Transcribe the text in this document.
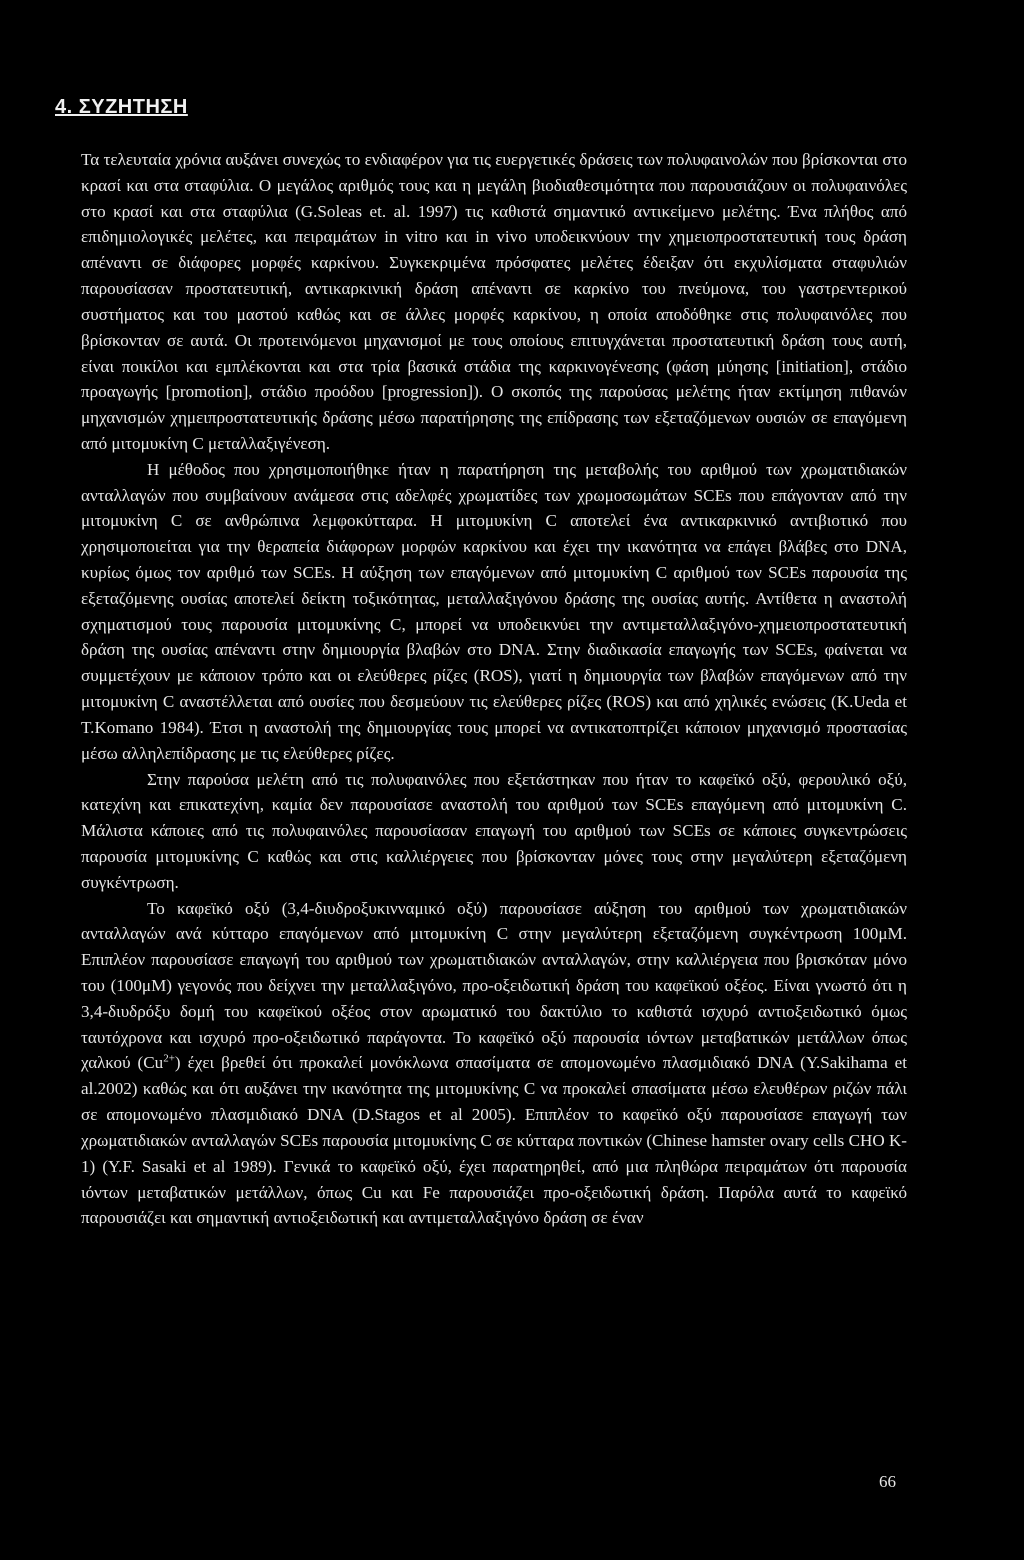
4. ΣΥΖΗΤΗΣΗ

Τα τελευταία χρόνια αυξάνει συνεχώς το ενδιαφέρον για τις ευεργετικές δράσεις των πολυφαινολών που βρίσκονται στο κρασί και στα σταφύλια. Ο μεγάλος αριθμός τους και η μεγάλη βιοδιαθεσιμότητα που παρουσιάζουν οι πολυφαινόλες στο κρασί και στα σταφύλια (G.Soleas et. al. 1997) τις καθιστά σημαντικό αντικείμενο μελέτης. Ένα πλήθος από επιδημιολογικές μελέτες, και πειραμάτων in vitro και in vivo υποδεικνύουν την χημειοπροστατευτική τους δράση απέναντι σε διάφορες μορφές καρκίνου. Συγκεκριμένα πρόσφατες μελέτες έδειξαν ότι εκχυλίσματα σταφυλιών παρουσίασαν προστατευτική, αντικαρκινική δράση απέναντι σε καρκίνο του πνεύμονα, του γαστρεντερικού συστήματος και του μαστού καθώς και σε άλλες μορφές καρκίνου, η οποία αποδόθηκε στις πολυφαινόλες που βρίσκονταν σε αυτά. Οι προτεινόμενοι μηχανισμοί με τους οποίους επιτυγχάνεται προστατευτική δράση τους αυτή, είναι ποικίλοι και εμπλέκονται και στα τρία βασικά στάδια της καρκινογένεσης (φάση μύησης [initiation], στάδιο προαγωγής [promotion], στάδιο προόδου [progression]). Ο σκοπός της παρούσας μελέτης ήταν εκτίμηση πιθανών μηχανισμών χημειπροστατευτικής δράσης μέσω παρατήρησης της επίδρασης των εξεταζόμενων ουσιών σε επαγόμενη από μιτομυκίνη C μεταλλαξιγένεση.

Η μέθοδος που χρησιμοποιήθηκε ήταν η παρατήρηση της μεταβολής του αριθμού των χρωματιδιακών ανταλλαγών που συμβαίνουν ανάμεσα στις αδελφές χρωματίδες των χρωμοσωμάτων SCEs που επάγονταν από την μιτομυκίνη C σε ανθρώπινα λεμφοκύτταρα. Η μιτομυκίνη C αποτελεί ένα αντικαρκινικό αντιβιοτικό που χρησιμοποιείται για την θεραπεία διάφορων μορφών καρκίνου και έχει την ικανότητα να επάγει βλάβες στο DNA, κυρίως όμως τον αριθμό των SCEs. Η αύξηση των επαγόμενων από μιτομυκίνη C αριθμού των SCEs παρουσία της εξεταζόμενης ουσίας αποτελεί δείκτη τοξικότητας, μεταλλαξιγόνου δράσης της ουσίας αυτής. Αντίθετα η αναστολή σχηματισμού τους παρουσία μιτομυκίνης C, μπορεί να υποδεικνύει την αντιμεταλλαξιγόνο-χημειοπροστατευτική δράση της ουσίας απέναντι στην δημιουργία βλαβών στο DNA. Στην διαδικασία επαγωγής των SCEs, φαίνεται να συμμετέχουν με κάποιον τρόπο και οι ελεύθερες ρίζες (ROS), γιατί η δημιουργία των βλαβών επαγόμενων από την μιτομυκίνη C αναστέλλεται από ουσίες που δεσμεύουν τις ελεύθερες ρίζες (ROS) και από χηλικές ενώσεις (K.Ueda et T.Komano 1984). Έτσι η αναστολή της δημιουργίας τους μπορεί να αντικατοπτρίζει κάποιον μηχανισμό προστασίας μέσω αλληλεπίδρασης με τις ελεύθερες ρίζες.

Στην παρούσα μελέτη από τις πολυφαινόλες που εξετάστηκαν που ήταν το καφεϊκό οξύ, φερουλικό οξύ, κατεχίνη και επικατεχίνη, καμία δεν παρουσίασε αναστολή του αριθμού των SCEs επαγόμενη από μιτομυκίνη C. Μάλιστα κάποιες από τις πολυφαινόλες παρουσίασαν επαγωγή του αριθμού των SCEs σε κάποιες συγκεντρώσεις παρουσία μιτομυκίνης C καθώς και στις καλλιέργειες που βρίσκονταν μόνες τους στην μεγαλύτερη εξεταζόμενη συγκέντρωση.

Το καφεϊκό οξύ (3,4-διυδροξυκινναμικό οξύ) παρουσίασε αύξηση του αριθμού των χρωματιδιακών ανταλλαγών ανά κύτταρο επαγόμενων από μιτομυκίνη C στην μεγαλύτερη εξεταζόμενη συγκέντρωση 100μΜ. Επιπλέον παρουσίασε επαγωγή του αριθμού των χρωματιδιακών ανταλλαγών, στην καλλιέργεια που βρισκόταν μόνο του (100μΜ) γεγονός που δείχνει την μεταλλαξιγόνο, προ-οξειδωτική δράση του καφεϊκού οξέος. Είναι γνωστό ότι η 3,4-διυδρόξυ δομή του καφεϊκού οξέος στον αρωματικό του δακτύλιο το καθιστά ισχυρό αντιοξειδωτικό όμως ταυτόχρονα και ισχυρό προ-οξειδωτικό παράγοντα. Το καφεϊκό οξύ παρουσία ιόντων μεταβατικών μετάλλων όπως χαλκού $(Cu^{2+})$ έχει βρεθεί ότι προκαλεί μονόκλωνα σπασίματα σε απομονωμένο πλασμιδιακό DNA (Y.Sakihama et al.2002) καθώς και ότι αυξάνει την ικανότητα της μιτομυκίνης C να προκαλεί σπασίματα μέσω ελευθέρων ριζών πάλι σε απομονωμένο πλασμιδιακό DNA (D.Stagos et al 2005). Επιπλέον το καφεϊκό οξύ παρουσίασε επαγωγή των χρωματιδιακών ανταλλαγών SCEs παρουσία μιτομυκίνης C σε κύτταρα ποντικών (Chinese hamster ovary cells CHO K-1) (Y.F. Sasaki et al 1989). Γενικά το καφεϊκό οξύ, έχει παρατηρηθεί, από μια πληθώρα πειραμάτων ότι παρουσία ιόντων μεταβατικών μετάλλων, όπως Cu και Fe παρουσιάζει προ-οξειδωτική δράση. Παρόλα αυτά το καφεϊκό παρουσιάζει και σημαντική αντιοξειδωτική και αντιμεταλλαξιγόνο δράση σε έναν

66
